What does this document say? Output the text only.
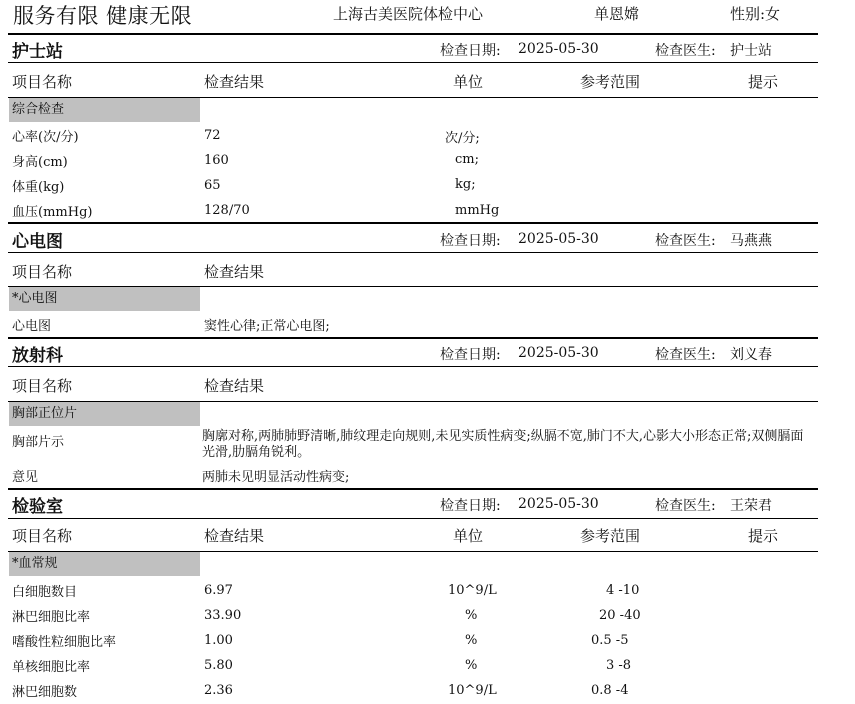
服务有限 健康无限	上海古美医院体检中心	单恩嫦	性别:女
护士站	检查日期: 2025-05-30	检查医生: 护士站
项目名称	检查结果	单位	参考范围	提示
综合检查
心率(次/分)	72	次/分;
身高(cm)	160	cm;
体重(kg)	65	kg;
血压(mmHg)	128/70	mmHg
心电图	检查日期: 2025-05-30	检查医生: 马燕燕
项目名称	检查结果
*心电图
心电图	窦性心律;正常心电图;
放射科	检查日期: 2025-05-30	检查医生: 刘义春
项目名称	检查结果
胸部正位片
胸部片示	胸廓对称,两肺肺野清晰,肺纹理走向规则,未见实质性病变;纵膈不宽,肺门不大,心影大小形态正常;双侧膈面光滑,肋膈角锐利。
意见	两肺未见明显活动性病变;
检验室	检查日期: 2025-05-30	检查医生: 王荣君
项目名称	检查结果	单位	参考范围	提示
*血常规
白细胞数目	6.97	10^9/L	4 -10
淋巴细胞比率	33.90	%	20 -40
嗜酸性粒细胞比率	1.00	%	0.5 -5
单核细胞比率	5.80	%	3 -8
淋巴细胞数	2.36	10^9/L	0.8 -4
